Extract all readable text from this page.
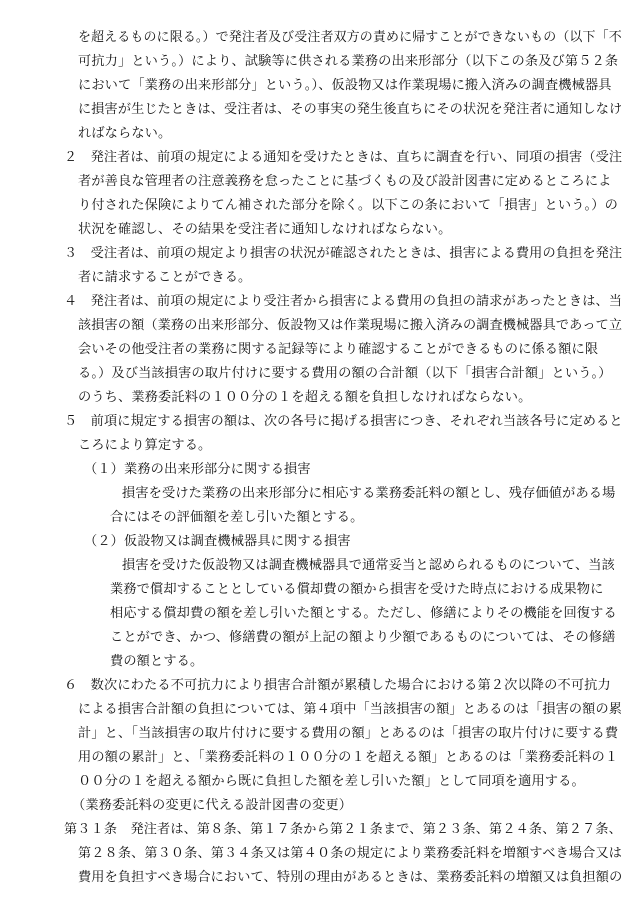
を超えるものに限る。）で発注者及び受注者双方の責めに帰すことができないもの（以下「不
可抗力」という。）により、試験等に供される業務の出来形部分（以下この条及び第５２条
において「業務の出来形部分」という。）、仮設物又は作業現場に搬入済みの調査機械器具
に損害が生じたときは、受注者は、その事実の発生後直ちにその状況を発注者に通知しなけ
ればならない。
２　発注者は、前項の規定による通知を受けたときは、直ちに調査を行い、同項の損害（受注
者が善良な管理者の注意義務を怠ったことに基づくもの及び設計図書に定めるところによ
り付された保険によりてん補された部分を除く。以下この条において「損害」という。）の
状況を確認し、その結果を受注者に通知しなければならない。
３　受注者は、前項の規定より損害の状況が確認されたときは、損害による費用の負担を発注
者に請求することができる。
４　発注者は、前項の規定により受注者から損害による費用の負担の請求があったときは、当
該損害の額（業務の出来形部分、仮設物又は作業現場に搬入済みの調査機械器具であって立
会いその他受注者の業務に関する記録等により確認することができるものに係る額に限
る。）及び当該損害の取片付けに要する費用の額の合計額（以下「損害合計額」という。）
のうち、業務委託料の１００分の１を超える額を負担しなければならない。
５　前項に規定する損害の額は、次の各号に掲げる損害につき、それぞれ当該各号に定めると
ころにより算定する。
（１）業務の出来形部分に関する損害
損害を受けた業務の出来形部分に相応する業務委託料の額とし、残存価値がある場
合にはその評価額を差し引いた額とする。
（２）仮設物又は調査機械器具に関する損害
損害を受けた仮設物又は調査機械器具で通常妥当と認められるものについて、当該
業務で償却することとしている償却費の額から損害を受けた時点における成果物に
相応する償却費の額を差し引いた額とする。ただし、修繕によりその機能を回復する
ことができ、かつ、修繕費の額が上記の額より少額であるものについては、その修繕
費の額とする。
６　数次にわたる不可抗力により損害合計額が累積した場合における第２次以降の不可抗力
による損害合計額の負担については、第４項中「当該損害の額」とあるのは「損害の額の累
計」と、「当該損害の取片付けに要する費用の額」とあるのは「損害の取片付けに要する費
用の額の累計」と、「業務委託料の１００分の１を超える額」とあるのは「業務委託料の１
００分の１を超える額から既に負担した額を差し引いた額」として同項を適用する。
（業務委託料の変更に代える設計図書の変更）
第３１条　発注者は、第８条、第１７条から第２１条まで、第２３条、第２４条、第２７条、
第２８条、第３０条、第３４条又は第４０条の規定により業務委託料を増額すべき場合又は
費用を負担すべき場合において、特別の理由があるときは、業務委託料の増額又は負担額の
